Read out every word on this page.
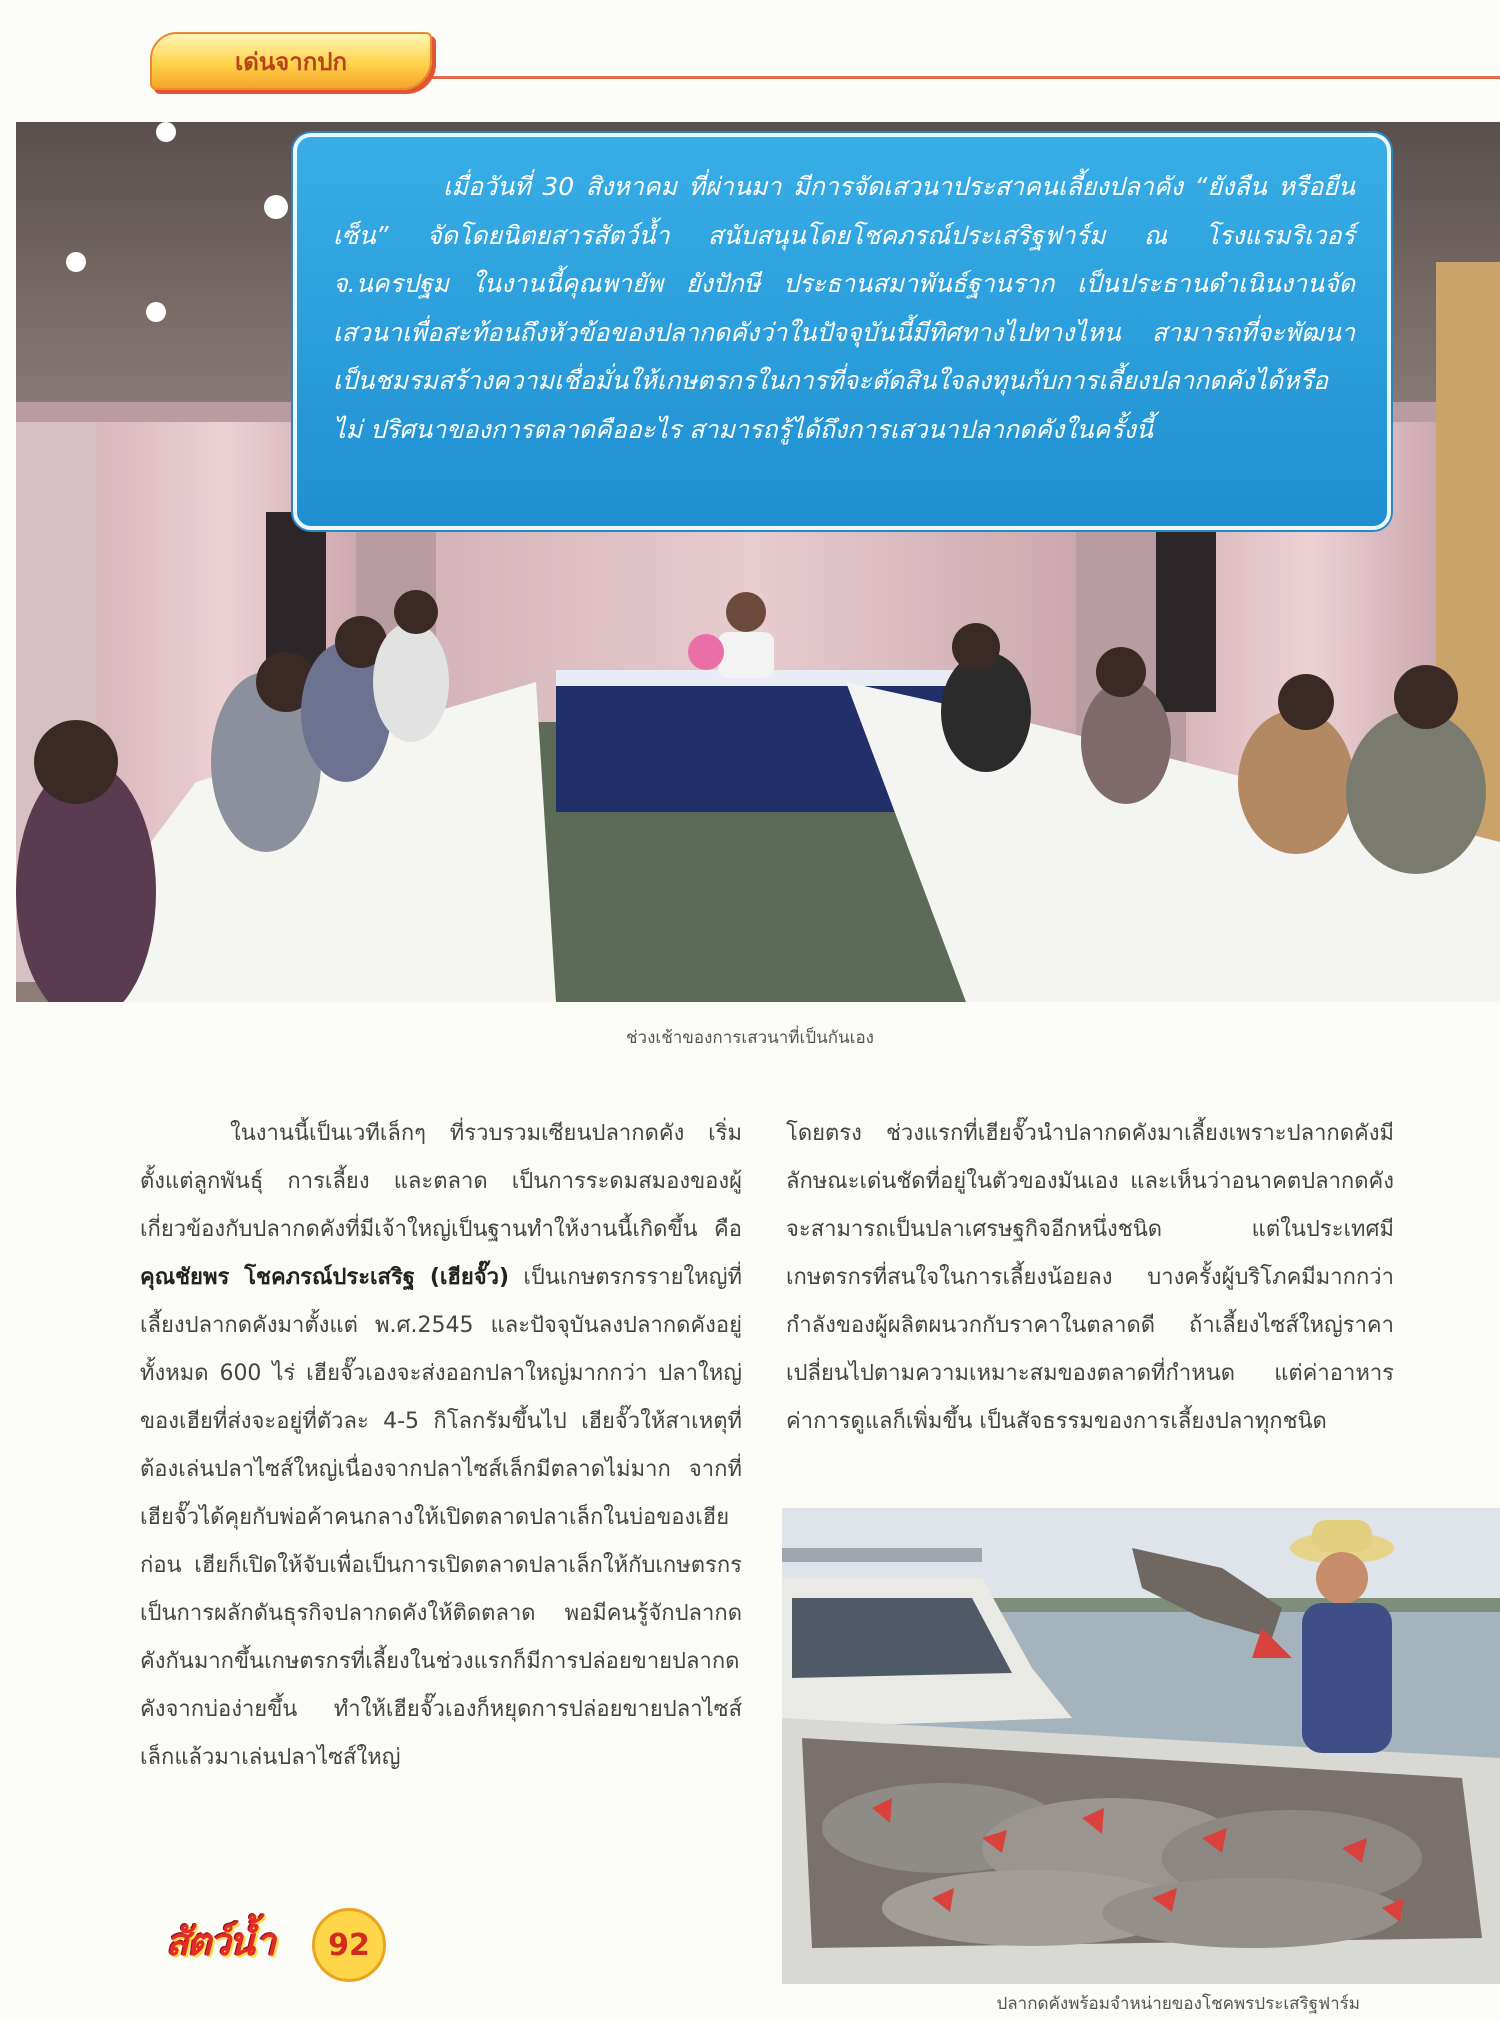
เด่นจากปก

เมื่อวันที่ 30 สิงหาคม ที่ผ่านมา มีการจัดเสวนาประสาคนเลี้ยงปลาคัง “ยังลืน หรือยืนเซ็น” จัดโดยนิตยสารสัตว์น้ำ สนับสนุนโดยโชคภรณ์ประเสริฐฟาร์ม ณ โรงแรมริเวอร์ จ.นครปฐม ในงานนี้คุณพายัพ ยังปักษี ประธานสมาพันธ์ฐานราก เป็นประธานดำเนินงานจัดเสวนาเพื่อสะท้อนถึงหัวข้อของปลากดคังว่าในปัจจุบันนี้มีทิศทางไปทางไหน สามารถที่จะพัฒนาเป็นชมรมสร้างความเชื่อมั่นให้เกษตรกรในการที่จะตัดสินใจลงทุนกับการเลี้ยงปลากดคังได้หรือไม่ ปริศนาของการตลาดคืออะไร สามารถรู้ได้ถึงการเสวนาปลากดคังในครั้งนี้

ช่วงเช้าของการเสวนาที่เป็นกันเอง

ในงานนี้เป็นเวทีเล็กๆ ที่รวบรวมเซียนปลากดคัง เริ่มตั้งแต่ลูกพันธุ์ การเลี้ยง และตลาด เป็นการระดมสมองของผู้เกี่ยวข้องกับปลากดคังที่มีเจ้าใหญ่เป็นฐานทำให้งานนี้เกิดขึ้น คือ คุณชัยพร โชคภรณ์ประเสริฐ (เฮียจั๊ว) เป็นเกษตรกรรายใหญ่ที่เลี้ยงปลากดคังมาตั้งแต่ พ.ศ.2545 และปัจจุบันลงปลากดคังอยู่ทั้งหมด 600 ไร่ เฮียจั๊วเองจะส่งออกปลาใหญ่มากกว่า ปลาใหญ่ของเฮียที่ส่งจะอยู่ที่ตัวละ 4-5 กิโลกรัมขึ้นไป เฮียจั๊วให้สาเหตุที่ต้องเล่นปลาไซส์ใหญ่เนื่องจากปลาไซส์เล็กมีตลาดไม่มาก จากที่เฮียจั๊วได้คุยกับพ่อค้าคนกลางให้เปิดตลาดปลาเล็กในบ่อของเฮียก่อน เฮียก็เปิดให้จับเพื่อเป็นการเปิดตลาดปลาเล็กให้กับเกษตรกรเป็นการผลักดันธุรกิจปลากดคังให้ติดตลาด พอมีคนรู้จักปลากดคังกันมากขึ้นเกษตรกรที่เลี้ยงในช่วงแรกก็มีการปล่อยขายปลากดคังจากบ่อง่ายขึ้น ทำให้เฮียจั๊วเองก็หยุดการปล่อยขายปลาไซส์เล็กแล้วมาเล่นปลาไซส์ใหญ่

โดยตรง ช่วงแรกที่เฮียจั๊วนำปลากดคังมาเลี้ยงเพราะปลากดคังมีลักษณะเด่นชัดที่อยู่ในตัวของมันเอง และเห็นว่าอนาคตปลากดคังจะสามารถเป็นปลาเศรษฐกิจอีกหนึ่งชนิด แต่ในประเทศมีเกษตรกรที่สนใจในการเลี้ยงน้อยลง บางครั้งผู้บริโภคมีมากกว่ากำลังของผู้ผลิตผนวกกับราคาในตลาดดี ถ้าเลี้ยงไซส์ใหญ่ราคาเปลี่ยนไปตามความเหมาะสมของตลาดที่กำหนด แต่ค่าอาหาร ค่าการดูแลก็เพิ่มขึ้น เป็นสัจธรรมของการเลี้ยงปลาทุกชนิด

ปลากดคังพร้อมจำหน่ายของโชคพรประเสริฐฟาร์ม
สัตว์น้ำ 92
